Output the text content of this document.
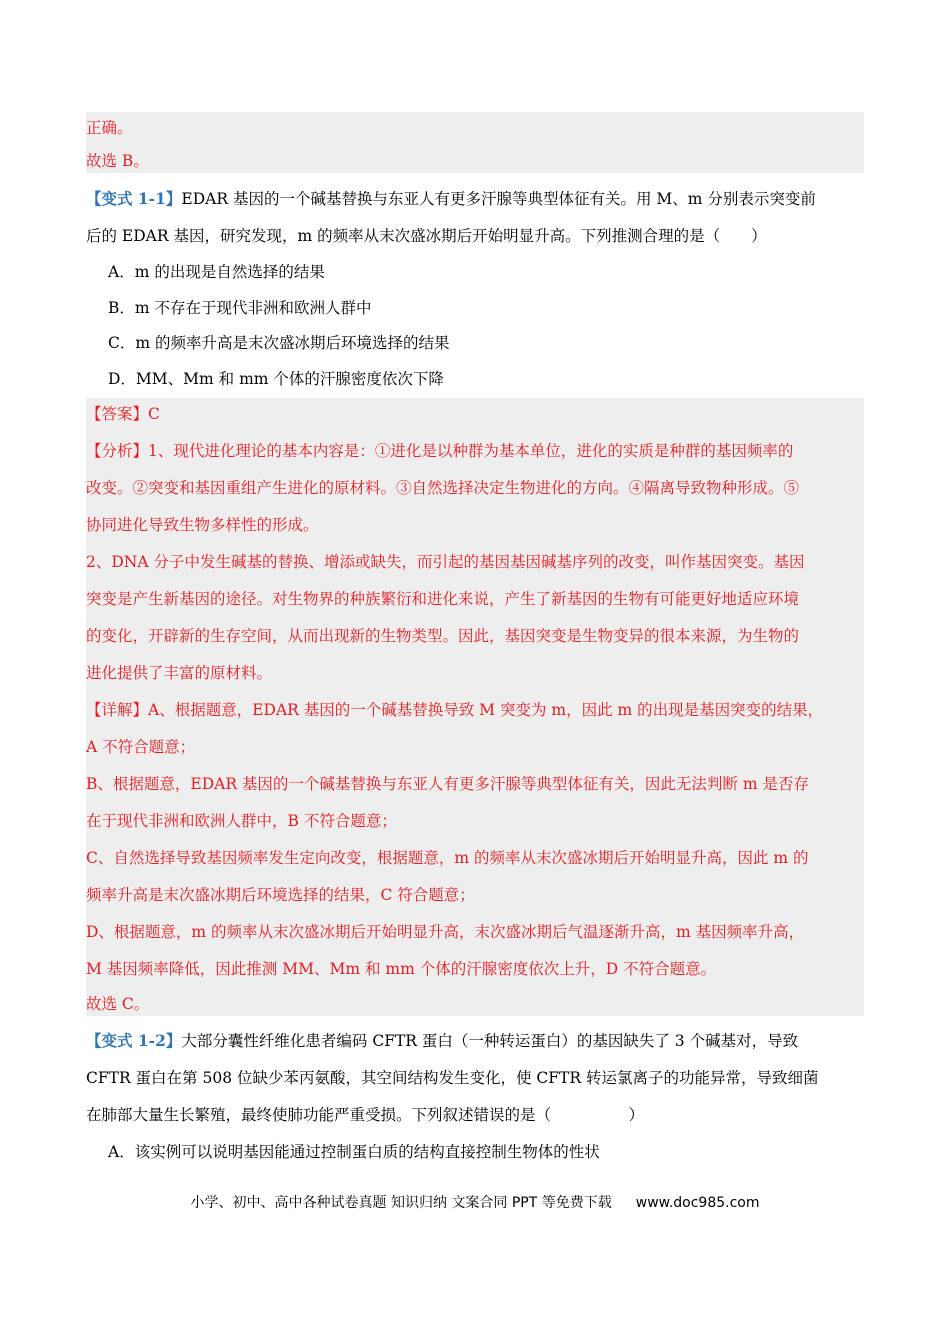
正确。
故选 B。
【变式 1-1】EDAR 基因的一个碱基替换与东亚人有更多汗腺等典型体征有关。用 M、m 分别表示突变前
后的 EDAR 基因，研究发现，m 的频率从末次盛冰期后开始明显升高。下列推测合理的是（　　）
A．m 的出现是自然选择的结果
B．m 不存在于现代非洲和欧洲人群中
C．m 的频率升高是末次盛冰期后环境选择的结果
D．MM、Mm 和 mm 个体的汗腺密度依次下降
【答案】C
【分析】1、现代进化理论的基本内容是：①进化是以种群为基本单位，进化的实质是种群的基因频率的
改变。②突变和基因重组产生进化的原材料。③自然选择决定生物进化的方向。④隔离导致物种形成。⑤
协同进化导致生物多样性的形成。
2、DNA 分子中发生碱基的替换、增添或缺失，而引起的基因基因碱基序列的改变，叫作基因突变。基因
突变是产生新基因的途径。对生物界的种族繁衍和进化来说，产生了新基因的生物有可能更好地适应环境
的变化，开辟新的生存空间，从而出现新的生物类型。因此，基因突变是生物变异的很本来源，为生物的
进化提供了丰富的原材料。
【详解】A、根据题意，EDAR 基因的一个碱基替换导致 M 突变为 m，因此 m 的出现是基因突变的结果，
A 不符合题意；
B、根据题意，EDAR 基因的一个碱基替换与东亚人有更多汗腺等典型体征有关，因此无法判断 m 是否存
在于现代非洲和欧洲人群中，B 不符合题意；
C、自然选择导致基因频率发生定向改变，根据题意，m 的频率从末次盛冰期后开始明显升高，因此 m 的
频率升高是末次盛冰期后环境选择的结果，C 符合题意；
D、根据题意，m 的频率从末次盛冰期后开始明显升高，末次盛冰期后气温逐渐升高，m 基因频率升高，
M 基因频率降低，因此推测 MM、Mm 和 mm 个体的汗腺密度依次上升，D 不符合题意。
故选 C。
【变式 1-2】大部分囊性纤维化患者编码 CFTR 蛋白（一种转运蛋白）的基因缺失了 3 个碱基对，导致
CFTR 蛋白在第 508 位缺少苯丙氨酸，其空间结构发生变化，使 CFTR 转运氯离子的功能异常，导致细菌
在肺部大量生长繁殖，最终使肺功能严重受损。下列叙述错误的是（　　　　　）
A．该实例可以说明基因能通过控制蛋白质的结构直接控制生物体的性状
小学、初中、高中各种试卷真题 知识归纳 文案合同 PPT 等免费下载 www.doc985.com
